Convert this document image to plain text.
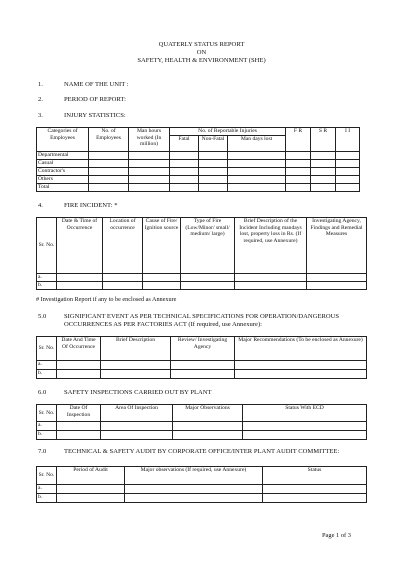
QUATERLY STATUS REPORT
ON
SAFETY, HEALTH & ENVIRONMENT (SHE)
1.	NAME OF THE UNIT :
2.	PERIOD OF REPORT:
3.	INJURY STATISTICS:
Categories of Employees	No. of Employees	Man hours worked (In million)	No. of Reportable Injuries			F R	S R	I I
			Fatal	Non-Fatal	Man days lost			
Departmental								
Casual								
Contractor's								
Others								
Total								
4.	FIRE INCIDENT: *
Sr. No.	Date & Time of Occurrence	Location of occurrence	Cause of Fire/ Ignition source	Type of Fire (Low/Minor/ small/ medium/ large)	Brief Description of the Incident Including mandays lost, property loss in Rs. (If required, use Annexure)	Investigating Agency, Findings and Remedial Measures
a.						
b.						
# Investigation Report if any to be enclosed as Annexure
5.0	SIGNIFICANT EVENT AS PER TECHNICAL SPECIFICATIONS FOR OPERATION/DANGEROUS
OCCURRENCES AS PER FACTORIES ACT (If required, use Annexure):
Sr. No.	Date And Time Of Occurrence	Brief Description	Review/ Investigating Agency	Major Recommendations (To be enclosed as Annexure)
a.				
b.				
6.0	SAFETY INSPECTIONS CARRIED OUT BY PLANT
Sr. No.	Date Of Inspection	Area Of Inspection	Major Observations	Status With ECD
a.				
b.				
7.0	TECHNICAL & SAFETY AUDIT BY CORPORATE OFFICE/INTER PLANT AUDIT COMMITTEE:
Sr. No.	Period of Audit	Major observations (If required, use Annexure)	Status
a.			
b.			
Page 1 of 3
